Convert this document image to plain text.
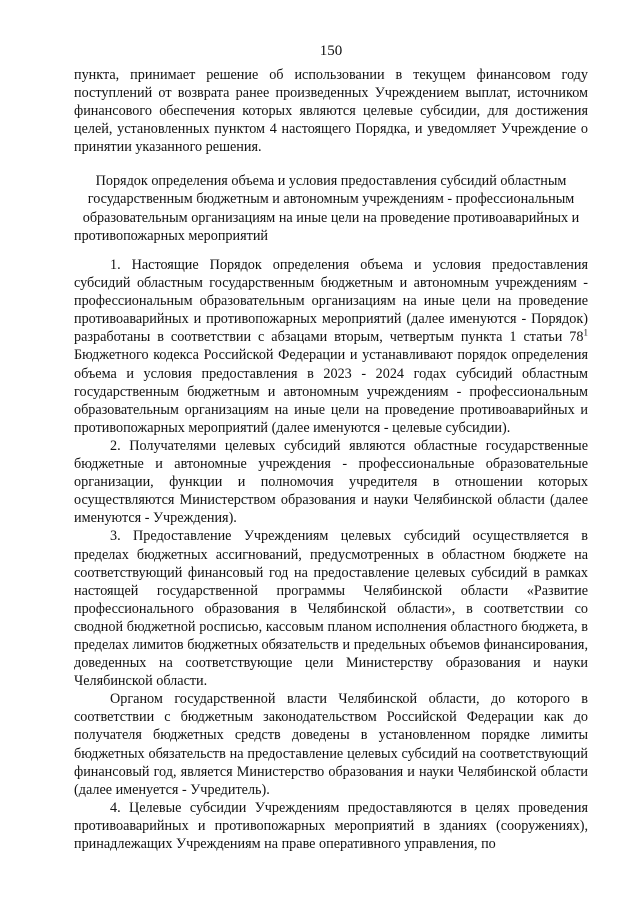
150

пункта, принимает решение об использовании в текущем финансовом году поступлений от возврата ранее произведенных Учреждением выплат, источником финансового обеспечения которых являются целевые субсидии, для достижения целей, установленных пунктом 4 настоящего Порядка, и уведомляет Учреждение о принятии указанного решения.

Порядок определения объема и условия предоставления субсидий областным государственным бюджетным и автономным учреждениям - профессиональным образовательным организациям на иные цели на проведение противоаварийных и противопожарных мероприятий

1. Настоящие Порядок определения объема и условия предоставления субсидий областным государственным бюджетным и автономным учреждениям - профессиональным образовательным организациям на иные цели на проведение противоаварийных и противопожарных мероприятий (далее именуются - Порядок) разработаны в соответствии с абзацами вторым, четвертым пункта 1 статьи $78^1$ Бюджетного кодекса Российской Федерации и устанавливают порядок определения объема и условия предоставления в 2023 - 2024 годах субсидий областным государственным бюджетным и автономным учреждениям - профессиональным образовательным организациям на иные цели на проведение противоаварийных и противопожарных мероприятий (далее именуются - целевые субсидии).

2. Получателями целевых субсидий являются областные государственные бюджетные и автономные учреждения - профессиональные образовательные организации, функции и полномочия учредителя в отношении которых осуществляются Министерством образования и науки Челябинской области (далее именуются - Учреждения).

3. Предоставление Учреждениям целевых субсидий осуществляется в пределах бюджетных ассигнований, предусмотренных в областном бюджете на соответствующий финансовый год на предоставление целевых субсидий в рамках настоящей государственной программы Челябинской области «Развитие профессионального образования в Челябинской области», в соответствии со сводной бюджетной росписью, кассовым планом исполнения областного бюджета, в пределах лимитов бюджетных обязательств и предельных объемов финансирования, доведенных на соответствующие цели Министерству образования и науки Челябинской области.

Органом государственной власти Челябинской области, до которого в соответствии с бюджетным законодательством Российской Федерации как до получателя бюджетных средств доведены в установленном порядке лимиты бюджетных обязательств на предоставление целевых субсидий на соответствующий финансовый год, является Министерство образования и науки Челябинской области (далее именуется - Учредитель).

4. Целевые субсидии Учреждениям предоставляются в целях проведения противоаварийных и противопожарных мероприятий в зданиях (сооружениях), принадлежащих Учреждениям на праве оперативного управления, по
